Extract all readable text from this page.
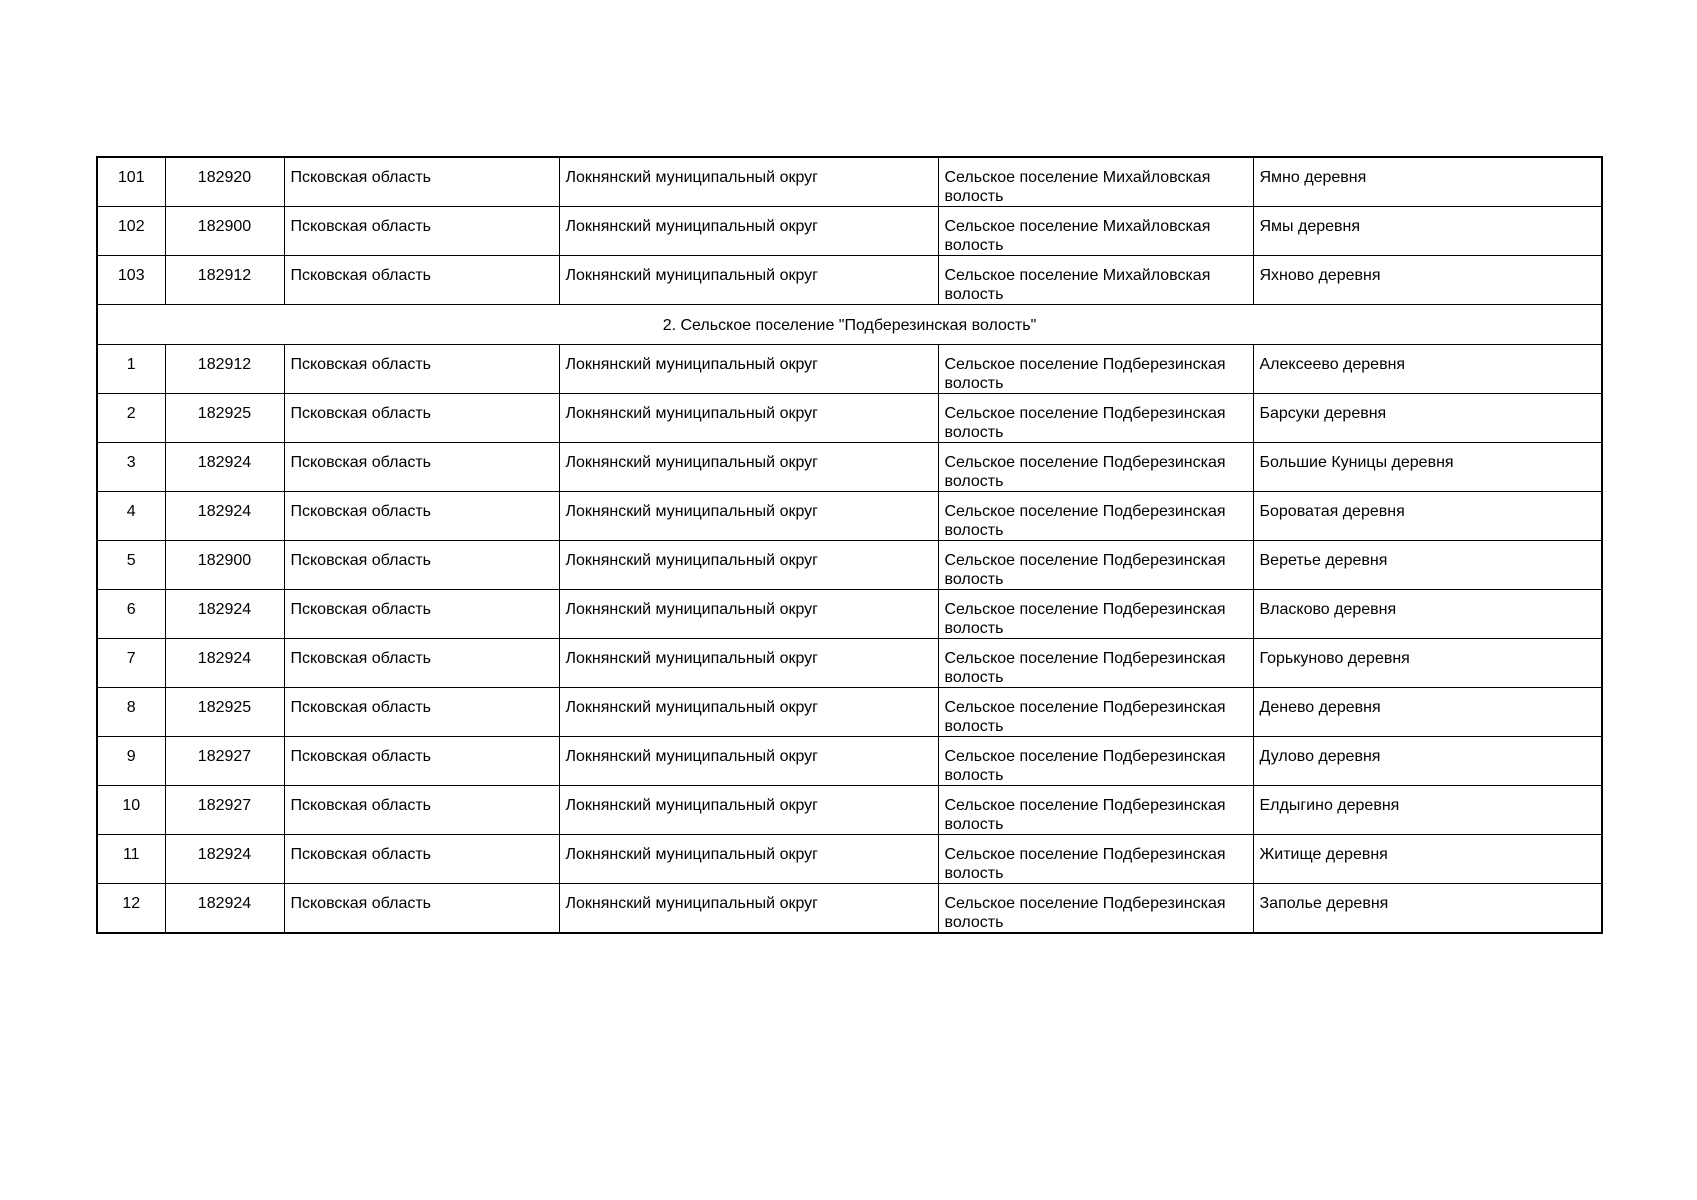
101	182920	Псковская область	Локнянский муниципальный округ	Сельское поселение Михайловская волость	Ямно деревня
102	182900	Псковская область	Локнянский муниципальный округ	Сельское поселение Михайловская волость	Ямы деревня
103	182912	Псковская область	Локнянский муниципальный округ	Сельское поселение Михайловская волость	Яхново деревня
2. Сельское поселение "Подберезинская волость"					
1	182912	Псковская область	Локнянский муниципальный округ	Сельское поселение Подберезинская волость	Алексеево деревня
2	182925	Псковская область	Локнянский муниципальный округ	Сельское поселение Подберезинская волость	Барсуки деревня
3	182924	Псковская область	Локнянский муниципальный округ	Сельское поселение Подберезинская волость	Большие Куницы деревня
4	182924	Псковская область	Локнянский муниципальный округ	Сельское поселение Подберезинская волость	Бороватая деревня
5	182900	Псковская область	Локнянский муниципальный округ	Сельское поселение Подберезинская волость	Веретье деревня
6	182924	Псковская область	Локнянский муниципальный округ	Сельское поселение Подберезинская волость	Власково деревня
7	182924	Псковская область	Локнянский муниципальный округ	Сельское поселение Подберезинская волость	Горькуново деревня
8	182925	Псковская область	Локнянский муниципальный округ	Сельское поселение Подберезинская волость	Денево деревня
9	182927	Псковская область	Локнянский муниципальный округ	Сельское поселение Подберезинская волость	Дулово деревня
10	182927	Псковская область	Локнянский муниципальный округ	Сельское поселение Подберезинская волость	Елдыгино деревня
11	182924	Псковская область	Локнянский муниципальный округ	Сельское поселение Подберезинская волость	Житище деревня
12	182924	Псковская область	Локнянский муниципальный округ	Сельское поселение Подберезинская волость	Заполье деревня
